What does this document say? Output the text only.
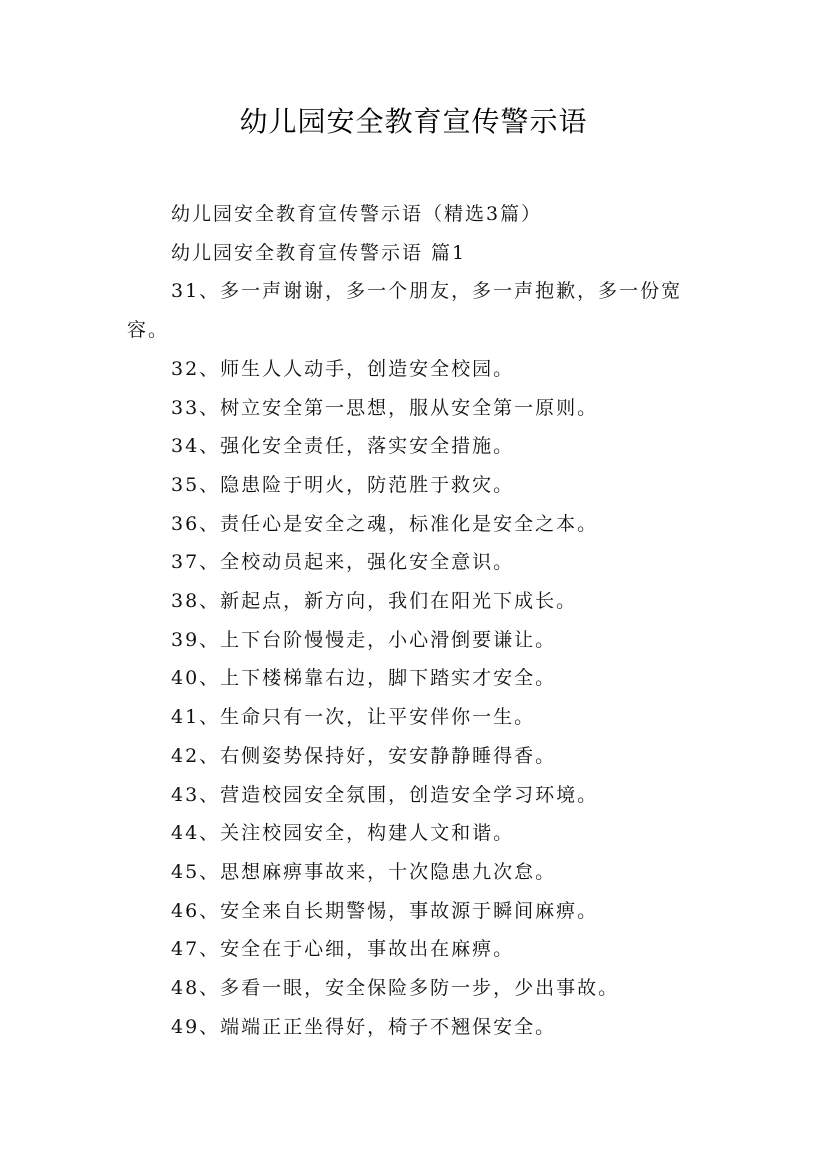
幼儿园安全教育宣传警示语

幼儿园安全教育宣传警示语（精选3篇）

幼儿园安全教育宣传警示语 篇1

31、多一声谢谢，多一个朋友，多一声抱歉，多一份宽容。

32、师生人人动手，创造安全校园。

33、树立安全第一思想，服从安全第一原则。

34、强化安全责任，落实安全措施。

35、隐患险于明火，防范胜于救灾。

36、责任心是安全之魂，标准化是安全之本。

37、全校动员起来，强化安全意识。

38、新起点，新方向，我们在阳光下成长。

39、上下台阶慢慢走，小心滑倒要谦让。

40、上下楼梯靠右边，脚下踏实才安全。

41、生命只有一次，让平安伴你一生。

42、右侧姿势保持好，安安静静睡得香。

43、营造校园安全氛围，创造安全学习环境。

44、关注校园安全，构建人文和谐。

45、思想麻痹事故来，十次隐患九次怠。

46、安全来自长期警惕，事故源于瞬间麻痹。

47、安全在于心细，事故出在麻痹。

48、多看一眼，安全保险多防一步，少出事故。

49、端端正正坐得好，椅子不翘保安全。
